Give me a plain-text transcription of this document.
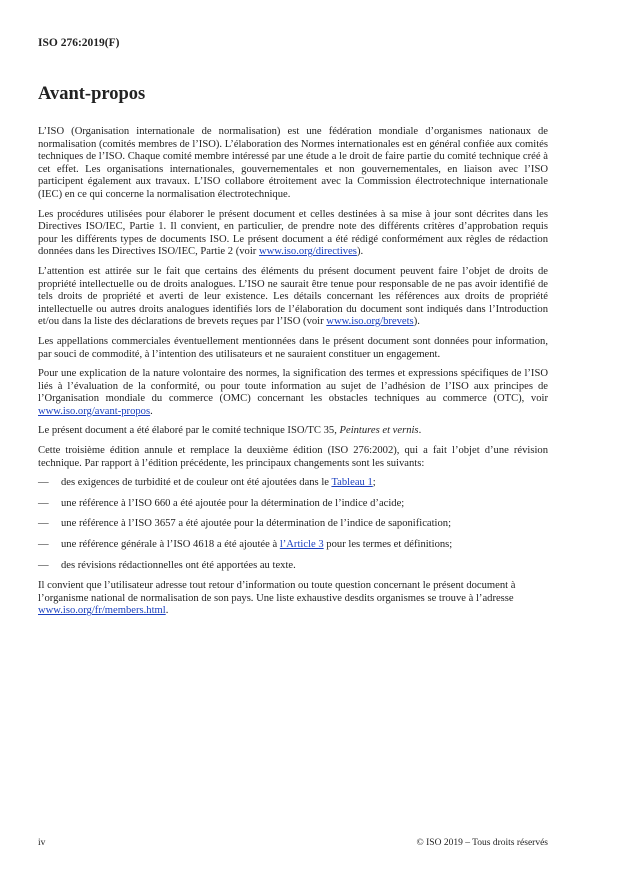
ISO 276:2019(F)
Avant-propos

L’ISO (Organisation internationale de normalisation) est une fédération mondiale d’organismes nationaux de normalisation (comités membres de l’ISO). L’élaboration des Normes internationales est en général confiée aux comités techniques de l’ISO. Chaque comité membre intéressé par une étude a le droit de faire partie du comité technique créé à cet effet. Les organisations internationales, gouvernementales et non gouvernementales, en liaison avec l’ISO participent également aux travaux. L’ISO collabore étroitement avec la Commission électrotechnique internationale (IEC) en ce qui concerne la normalisation électrotechnique.

Les procédures utilisées pour élaborer le présent document et celles destinées à sa mise à jour sont décrites dans les Directives ISO/IEC, Partie 1. Il convient, en particulier, de prendre note des différents critères d’approbation requis pour les différents types de documents ISO. Le présent document a été rédigé conformément aux règles de rédaction données dans les Directives ISO/IEC, Partie 2 (voir www.iso.org/directives).

L’attention est attirée sur le fait que certains des éléments du présent document peuvent faire l’objet de droits de propriété intellectuelle ou de droits analogues. L’ISO ne saurait être tenue pour responsable de ne pas avoir identifié de tels droits de propriété et averti de leur existence. Les détails concernant les références aux droits de propriété intellectuelle ou autres droits analogues identifiés lors de l’élaboration du document sont indiqués dans l’Introduction et/ou dans la liste des déclarations de brevets reçues par l’ISO (voir www.iso.org/brevets).

Les appellations commerciales éventuellement mentionnées dans le présent document sont données pour information, par souci de commodité, à l’intention des utilisateurs et ne sauraient constituer un engagement.

Pour une explication de la nature volontaire des normes, la signification des termes et expressions spécifiques de l’ISO liés à l’évaluation de la conformité, ou pour toute information au sujet de l’adhésion de l’ISO aux principes de l’Organisation mondiale du commerce (OMC) concernant les obstacles techniques au commerce (OTC), voir www.iso.org/avant-propos.

Le présent document a été élaboré par le comité technique ISO/TC 35, Peintures et vernis.

Cette troisième édition annule et remplace la deuxième édition (ISO 276:2002), qui a fait l’objet d’une révision technique. Par rapport à l’édition précédente, les principaux changements sont les suivants:

—	des exigences de turbidité et de couleur ont été ajoutées dans le Tableau 1;
—	une référence à l’ISO 660 a été ajoutée pour la détermination de l’indice d’acide;
—	une référence à l’ISO 3657 a été ajoutée pour la détermination de l’indice de saponification;
—	une référence générale à l’ISO 4618 a été ajoutée à l’Article 3 pour les termes et définitions;
—	des révisions rédactionnelles ont été apportées au texte.

Il convient que l’utilisateur adresse tout retour d’information ou toute question concernant le présent document à l’organisme national de normalisation de son pays. Une liste exhaustive desdits organismes se trouve à l’adresse www.iso.org/fr/members.html.

iv	© ISO 2019 – Tous droits réservés
